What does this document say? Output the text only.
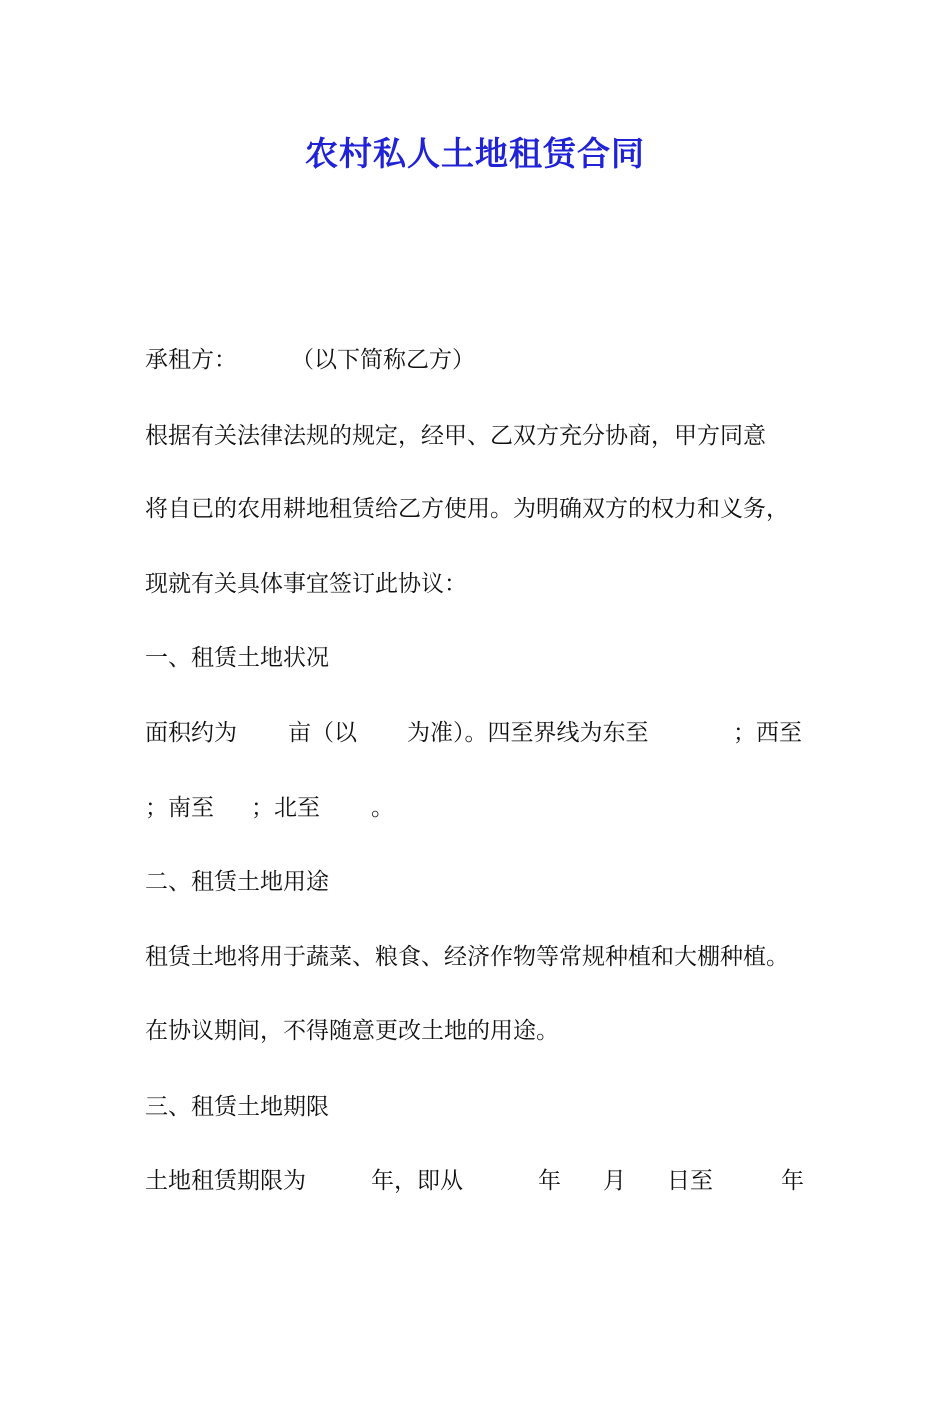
农村私人土地租赁合同

承租方：

（以下简称乙方）

根据有关法律法规的规定，经甲、乙双方充分协商，甲方同意

将自已的农用耕地租赁给乙方使用。为明确双方的权力和义务，

现就有关具体事宜签订此协议：

一、租赁土地状况

面积约为

亩（以

为准）。四至界线为东至

	；西至

；南至

；北至

。

二、租赁土地用途

租赁土地将用于蔬菜、粮食、经济作物等常规种植和大棚种植。

在协议期间，不得随意更改土地的用途。

三、租赁土地期限

土地租赁期限为

	年，即从

	年

月

日至

	年
